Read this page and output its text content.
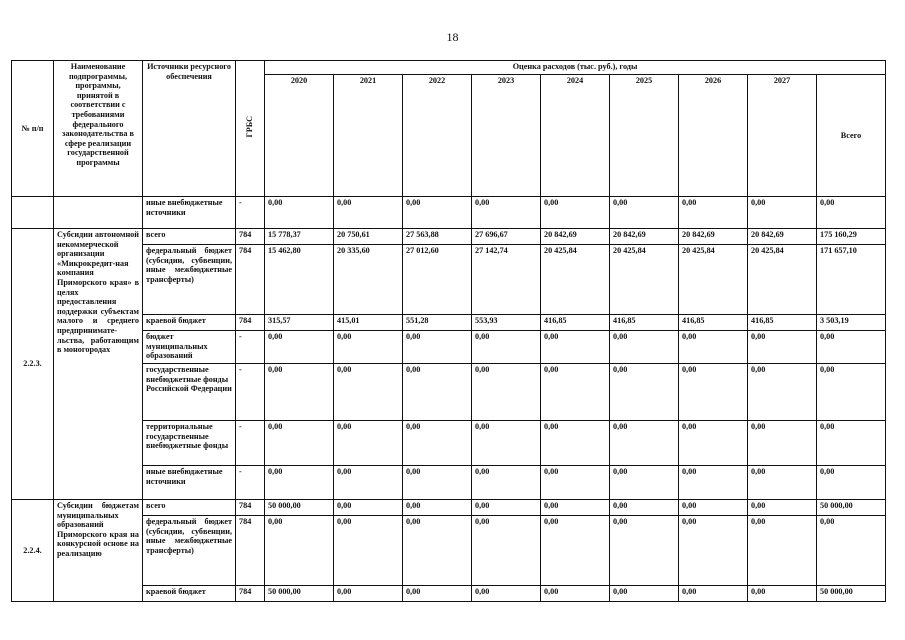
18
№ п/п	Наименование подпрограммы, программы, принятой в соответствии с требованиями федерального законодательства в сфере реализации государственной программы	Источники ресурсного обеспечения	ГРБС	Оценка расходов (тыс. руб.), годы								
				2020	2021	2022	2023	2024	2025	2026	2027	Всего
		иные внебюджетные источники	-	0,00	0,00	0,00	0,00	0,00	0,00	0,00	0,00	0,00
2.2.3.	Субсидии автономной некоммерческой организации «Микрокредит-ная компания Приморского края» в целях предоставления поддержки субъектам малого и среднего предпринимате-льства, работающим в моногородах	всего	784	15 778,37	20 750,61	27 563,88	27 696,67	20 842,69	20 842,69	20 842,69	20 842,69	175 160,29
		федеральный бюджет (субсидии, субвенции, иные межбюджетные трансферты)	784	15 462,80	20 335,60	27 012,60	27 142,74	20 425,84	20 425,84	20 425,84	20 425,84	171 657,10
		краевой бюджет	784	315,57	415,01	551,28	553,93	416,85	416,85	416,85	416,85	3 503,19
		бюджет муниципальных образований	-	0,00	0,00	0,00	0,00	0,00	0,00	0,00	0,00	0,00
		государственные внебюджетные фонды Российской Федерации	-	0,00	0,00	0,00	0,00	0,00	0,00	0,00	0,00	0,00
		территориальные государственные внебюджетные фонды	-	0,00	0,00	0,00	0,00	0,00	0,00	0,00	0,00	0,00
		иные внебюджетные источники	-	0,00	0,00	0,00	0,00	0,00	0,00	0,00	0,00	0,00
2.2.4.	Субсидии бюджетам муниципальных образований Приморского края на конкурсной основе на реализацию	всего	784	50 000,00	0,00	0,00	0,00	0,00	0,00	0,00	0,00	50 000,00
		федеральный бюджет (субсидии, субвенции, иные межбюджетные трансферты)	784	0,00	0,00	0,00	0,00	0,00	0,00	0,00	0,00	0,00
		краевой бюджет	784	50 000,00	0,00	0,00	0,00	0,00	0,00	0,00	0,00	50 000,00
